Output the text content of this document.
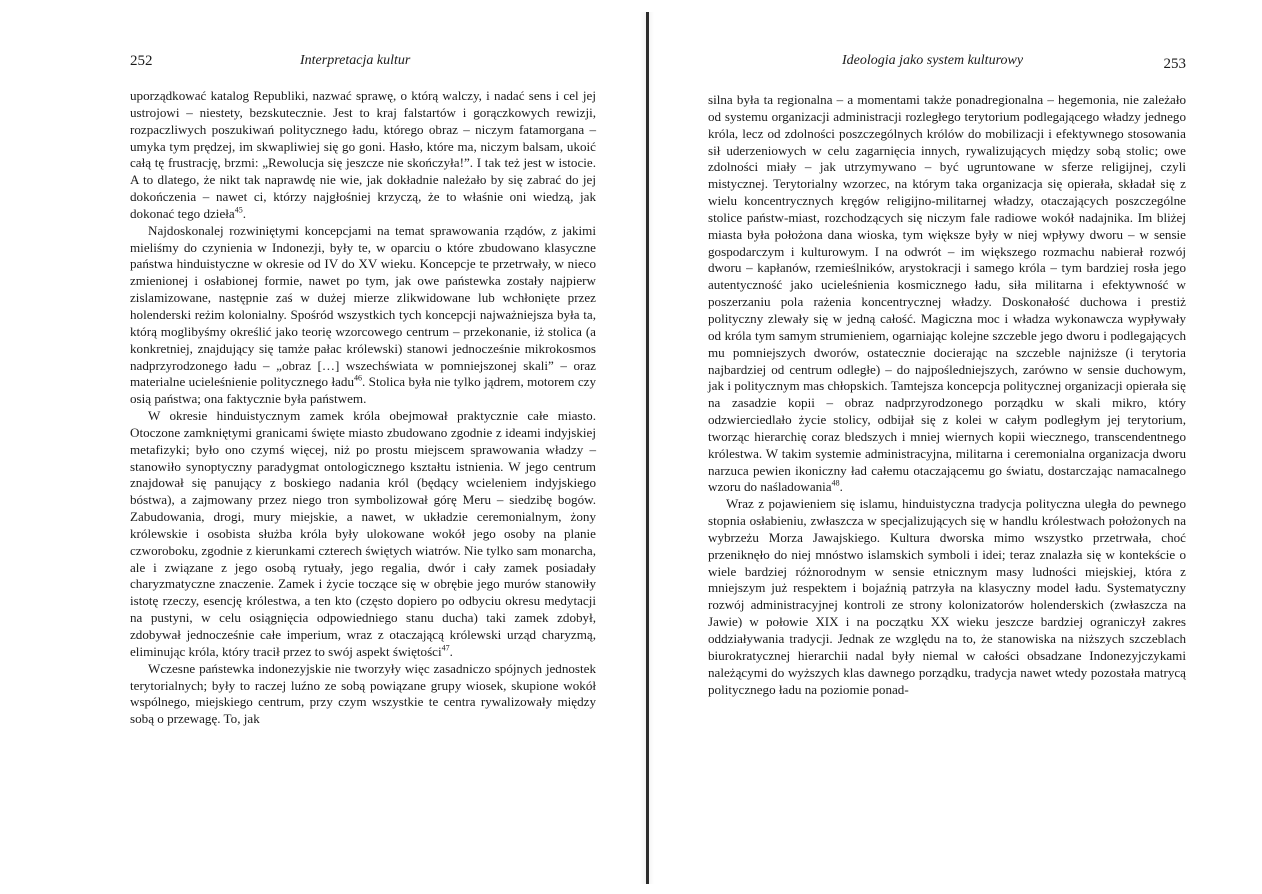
252	Interpretacja kultur

uporządkować katalog Republiki, nazwać sprawę, o którą walczy, i nadać sens i cel jej ustrojowi – niestety, bezskutecznie. Jest to kraj falstartów i gorączkowych rewizji, rozpaczliwych poszukiwań politycznego ładu, którego obraz – niczym fatamorgana – umyka tym prędzej, im skwapliwiej się go goni. Hasło, które ma, niczym balsam, ukoić całą tę frustrację, brzmi: „Rewolucja się jeszcze nie skończyła!”. I tak też jest w istocie. A to dlatego, że nikt tak naprawdę nie wie, jak dokładnie należało by się zabrać do jej dokończenia – nawet ci, którzy najgłośniej krzyczą, że to właśnie oni wiedzą, jak dokonać tego dzieła$^{45}$.

Najdoskonalej rozwiniętymi koncepcjami na temat sprawowania rządów, z jakimi mieliśmy do czynienia w Indonezji, były te, w oparciu o które zbudowano klasyczne państwa hinduistyczne w okresie od IV do XV wieku. Koncepcje te przetrwały, w nieco zmienionej i osłabionej formie, nawet po tym, jak owe państewka zostały najpierw zislamizowane, następnie zaś w dużej mierze zlikwidowane lub wchłonięte przez holenderski reżim kolonialny. Spośród wszystkich tych koncepcji najważniejsza była ta, którą moglibyśmy określić jako teorię wzorcowego centrum – przekonanie, iż stolica (a konkretniej, znajdujący się tamże pałac królewski) stanowi jednocześnie mikrokosmos nadprzyrodzonego ładu – „obraz […] wszechświata w pomniejszonej skali” – oraz materialne ucieleśnienie politycznego ładu$^{46}$. Stolica była nie tylko jądrem, motorem czy osią państwa; ona faktycznie była państwem.

W okresie hinduistycznym zamek króla obejmował praktycznie całe miasto. Otoczone zamkniętymi granicami święte miasto zbudowano zgodnie z ideami indyjskiej metafizyki; było ono czymś więcej, niż po prostu miejscem sprawowania władzy – stanowiło synoptyczny paradygmat ontologicznego kształtu istnienia. W jego centrum znajdował się panujący z boskiego nadania król (będący wcieleniem indyjskiego bóstwa), a zajmowany przez niego tron symbolizował górę Meru – siedzibę bogów. Zabudowania, drogi, mury miejskie, a nawet, w układzie ceremonialnym, żony królewskie i osobista służba króla były ulokowane wokół jego osoby na planie czworoboku, zgodnie z kierunkami czterech świętych wiatrów. Nie tylko sam monarcha, ale i związane z jego osobą rytuały, jego regalia, dwór i cały zamek posiadały charyzmatyczne znaczenie. Zamek i życie toczące się w obrębie jego murów stanowiły istotę rzeczy, esencję królestwa, a ten kto (często dopiero po odbyciu okresu medytacji na pustyni, w celu osiągnięcia odpowiedniego stanu ducha) taki zamek zdobył, zdobywał jednocześnie całe imperium, wraz z otaczającą królewski urząd charyzmą, eliminując króla, który tracił przez to swój aspekt świętości$^{47}$.

Wczesne państewka indonezyjskie nie tworzyły więc zasadniczo spójnych jednostek terytorialnych; były to raczej luźno ze sobą powiązane grupy wiosek, skupione wokół wspólnego, miejskiego centrum, przy czym wszystkie te centra rywalizowały między sobą o przewagę. To, jak

Ideologia jako system kulturowy	253

silna była ta regionalna – a momentami także ponadregionalna – hegemonia, nie zależało od systemu organizacji administracji rozległego terytorium podlegającego władzy jednego króla, lecz od zdolności poszczególnych królów do mobilizacji i efektywnego stosowania sił uderzeniowych w celu zagarnięcia innych, rywalizujących między sobą stolic; owe zdolności miały – jak utrzymywano – być ugruntowane w sferze religijnej, czyli mistycznej. Terytorialny wzorzec, na którym taka organizacja się opierała, składał się z wielu koncentrycznych kręgów religijno-militarnej władzy, otaczających poszczególne stolice państw-miast, rozchodzących się niczym fale radiowe wokół nadajnika. Im bliżej miasta była położona dana wioska, tym większe były w niej wpływy dworu – w sensie gospodarczym i kulturowym. I na odwrót – im większego rozmachu nabierał rozwój dworu – kapłanów, rzemieślników, arystokracji i samego króla – tym bardziej rosła jego autentyczność jako ucieleśnienia kosmicznego ładu, siła militarna i efektywność w poszerzaniu pola rażenia koncentrycznej władzy. Doskonałość duchowa i prestiż polityczny zlewały się w jedną całość. Magiczna moc i władza wykonawcza wypływały od króla tym samym strumieniem, ogarniając kolejne szczeble jego dworu i podlegających mu pomniejszych dworów, ostatecznie docierając na szczeble najniższe (i terytoria najbardziej od centrum odległe) – do najpośledniejszych, zarówno w sensie duchowym, jak i politycznym mas chłopskich. Tamtejsza koncepcja politycznej organizacji opierała się na zasadzie kopii – obraz nadprzyrodzonego porządku w skali mikro, który odzwierciedlało życie stolicy, odbijał się z kolei w całym podległym jej terytorium, tworząc hierarchię coraz bledszych i mniej wiernych kopii wiecznego, transcendentnego królestwa. W takim systemie administracyjna, militarna i ceremonialna organizacja dworu narzuca pewien ikoniczny ład całemu otaczającemu go światu, dostarczając namacalnego wzoru do naśladowania$^{48}$.

Wraz z pojawieniem się islamu, hinduistyczna tradycja polityczna uległa do pewnego stopnia osłabieniu, zwłaszcza w specjalizujących się w handlu królestwach położonych na wybrzeżu Morza Jawajskiego. Kultura dworska mimo wszystko przetrwała, choć przeniknęło do niej mnóstwo islamskich symboli i idei; teraz znalazła się w kontekście o wiele bardziej różnorodnym w sensie etnicznym masy ludności miejskiej, która z mniejszym już respektem i bojaźnią patrzyła na klasyczny model ładu. Systematyczny rozwój administracyjnej kontroli ze strony kolonizatorów holenderskich (zwłaszcza na Jawie) w połowie XIX i na początku XX wieku jeszcze bardziej ograniczył zakres oddziaływania tradycji. Jednak ze względu na to, że stanowiska na niższych szczeblach biurokratycznej hierarchii nadal były niemal w całości obsadzane Indonezyjczykami należącymi do wyższych klas dawnego porządku, tradycja nawet wtedy pozostała matrycą politycznego ładu na poziomie ponad-
